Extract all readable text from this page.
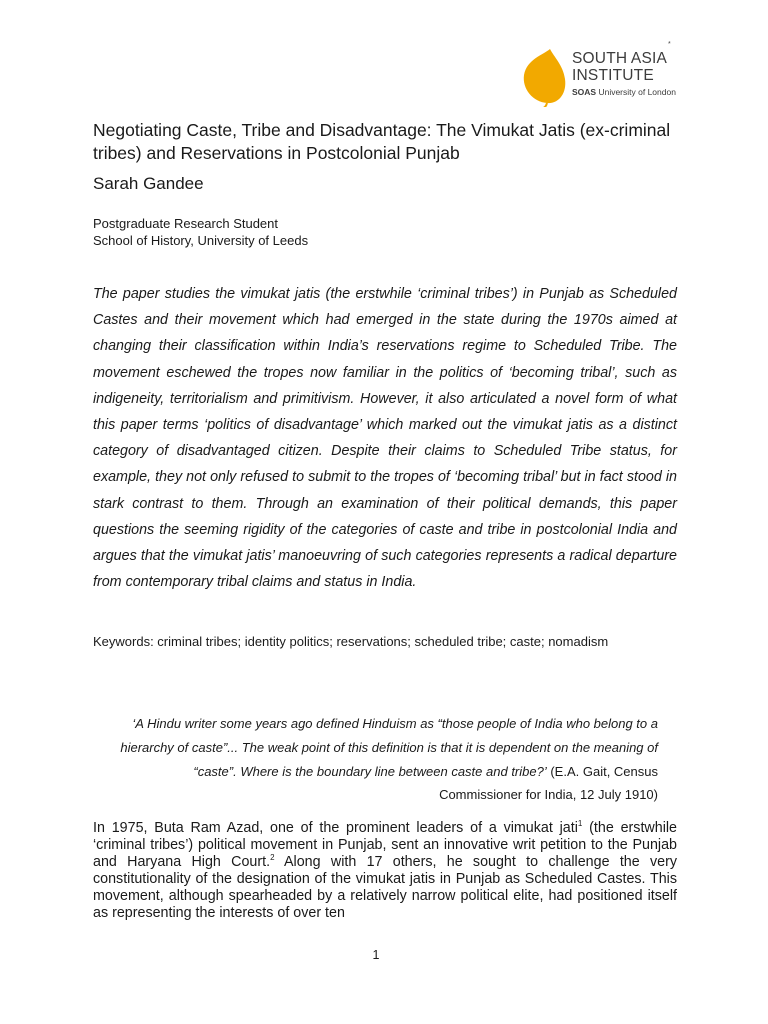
SOUTH ASIA
INSTITUTE
SOAS University of London
*
Negotiating Caste, Tribe and Disadvantage: The Vimukat Jatis (ex-criminal tribes) and Reservations in Postcolonial Punjab
Sarah Gandee
Postgraduate Research Student
School of History, University of Leeds

The paper studies the vimukat jatis (the erstwhile ‘criminal tribes’) in Punjab as Scheduled Castes and their movement which had emerged in the state during the 1970s aimed at changing their classification within India’s reservations regime to Scheduled Tribe. The movement eschewed the tropes now familiar in the politics of ‘becoming tribal’, such as indigeneity, territorialism and primitivism. However, it also articulated a novel form of what this paper terms ‘politics of disadvantage’ which marked out the vimukat jatis as a distinct category of disadvantaged citizen. Despite their claims to Scheduled Tribe status, for example, they not only refused to submit to the tropes of ‘becoming tribal’ but in fact stood in stark contrast to them. Through an examination of their political demands, this paper questions the seeming rigidity of the categories of caste and tribe in postcolonial India and argues that the vimukat jatis’ manoeuvring of such categories represents a radical departure from contemporary tribal claims and status in India.

Keywords: criminal tribes; identity politics; reservations; scheduled tribe; caste; nomadism

‘A Hindu writer some years ago defined Hinduism as “those people of India who belong to a hierarchy of caste”... The weak point of this definition is that it is dependent on the meaning of “caste”. Where is the boundary line between caste and tribe?’ (E.A. Gait, Census Commissioner for India, 12 July 1910)

In 1975, Buta Ram Azad, one of the prominent leaders of a vimukat jati$^1$ (the erstwhile ‘criminal tribes’) political movement in Punjab, sent an innovative writ petition to the Punjab and Haryana High Court.$^2$ Along with 17 others, he sought to challenge the very constitutionality of the designation of the vimukat jatis in Punjab as Scheduled Castes. This movement, although spearheaded by a relatively narrow political elite, had positioned itself as representing the interests of over ten

1
